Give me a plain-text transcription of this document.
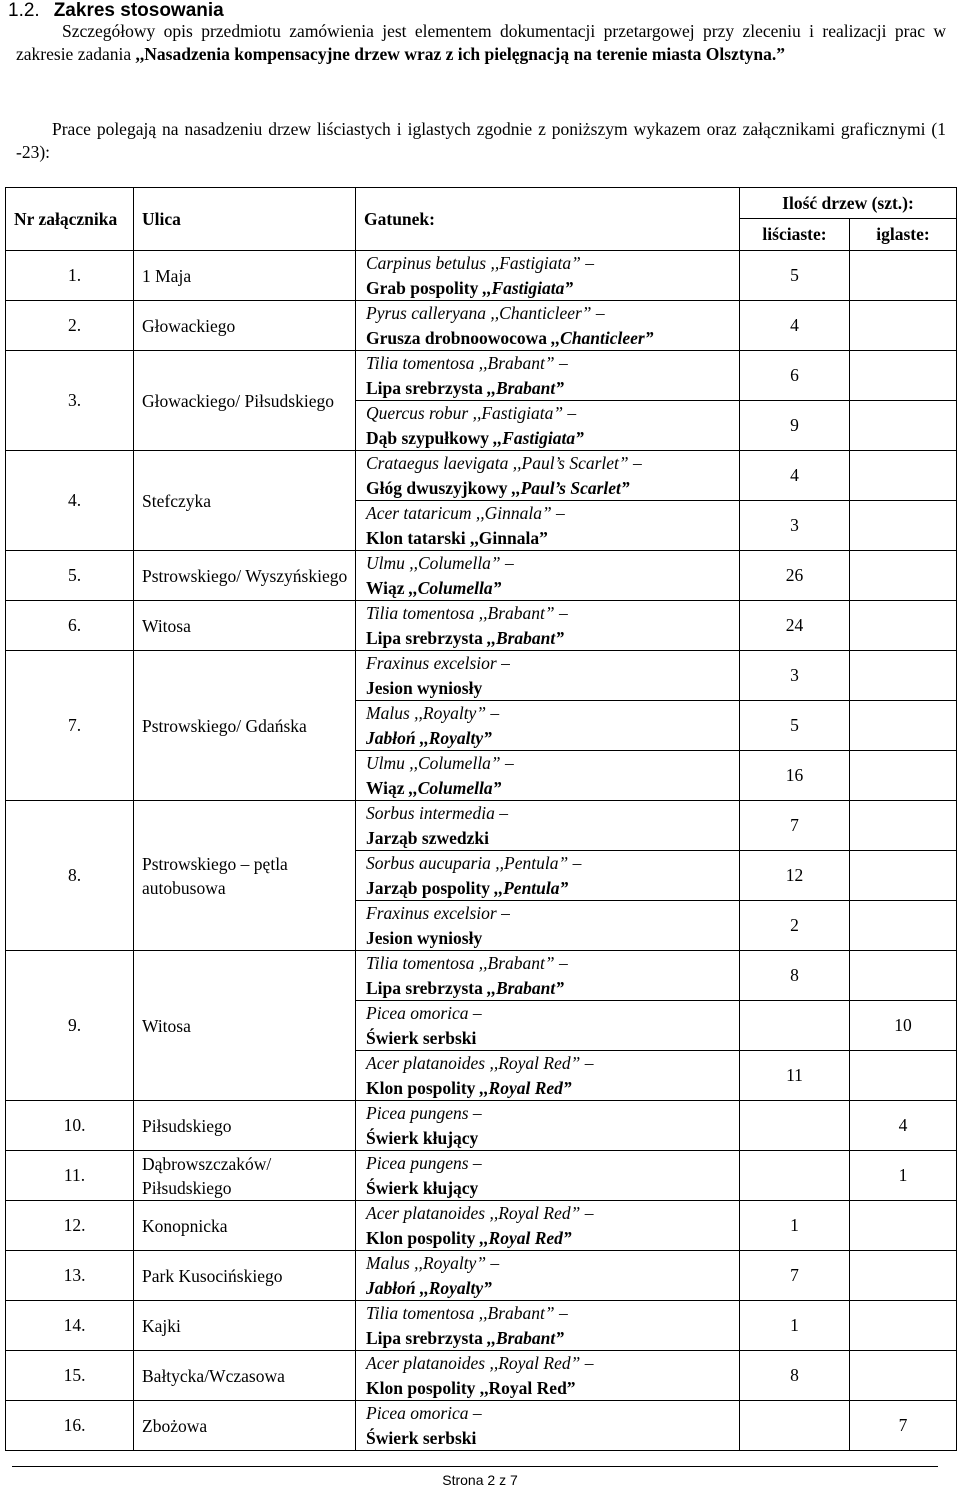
1.2. Zakres stosowania
Szczegółowy opis przedmiotu zamówienia jest elementem dokumentacji przetargowej przy zleceniu i realizacji prac w zakresie zadania ,,Nasadzenia kompensacyjne drzew wraz z ich pielęgnacją na terenie miasta Olsztyna.”
Prace polegają na nasadzeniu drzew liściastych i iglastych zgodnie z poniższym wykazem oraz załącznikami graficznymi (1 -23):
Nr załącznika	Ulica	Gatunek:	Ilość drzew (szt.):	
			liściaste:	iglaste:
1.	1 Maja	Carpinus betulus ,,Fastigiata” –
Grab pospolity ,,Fastigiata”	5	
2.	Głowackiego	Pyrus calleryana ,,Chanticleer” –
Grusza drobnoowocowa ,,Chanticleer”	4	
3.	Głowackiego/ Piłsudskiego	Tilia tomentosa ,,Brabant” –
Lipa srebrzysta ,,Brabant”	6	

		Quercus robur ,,Fastigiata” –
Dąb szypułkowy ,,Fastigiata”	9	
4.	Stefczyka	Crataegus laevigata ,,Paul’s Scarlet” –
Głóg dwuszyjkowy ,,Paul’s Scarlet”	4	

		Acer tataricum ,,Ginnala” –
Klon tatarski ,,Ginnala”	3	
5.	Pstrowskiego/ Wyszyńskiego	Ulmu ,,Columella” –
Wiąz ,,Columella”	26	
6.	Witosa	Tilia tomentosa ,,Brabant” –
Lipa srebrzysta ,,Brabant”	24	
7.	Pstrowskiego/ Gdańska	Fraxinus excelsior –
Jesion wyniosły	3	

		Malus ,,Royalty” –
Jabłoń ,,Royalty”	5	

		Ulmu ,,Columella” –
Wiąz ,,Columella”	16	
8.	Pstrowskiego – pętla autobusowa	Sorbus intermedia –
Jarząb szwedzki	7	

		Sorbus aucuparia ,,Pentula” –
Jarząb pospolity ,,Pentula”	12	

		Fraxinus excelsior –
Jesion wyniosły	2	
9.	Witosa	Tilia tomentosa ,,Brabant” –
Lipa srebrzysta ,,Brabant”	8	

		Picea omorica –
Świerk serbski		10

		Acer platanoides ,,Royal Red” –
Klon pospolity ,,Royal Red”	11	
10.	Piłsudskiego	Picea pungens –
Świerk kłujący		4
11.	Dąbrowszczaków/ Piłsudskiego	Picea pungens –
Świerk kłujący		1
12.	Konopnicka	Acer platanoides ,,Royal Red” –
Klon pospolity ,,Royal Red”	1	
13.	Park Kusocińskiego	Malus ,,Royalty” –
Jabłoń ,,Royalty”	7	
14.	Kajki	Tilia tomentosa ,,Brabant” –
Lipa srebrzysta ,,Brabant”	1	
15.	Bałtycka/Wczasowa	Acer platanoides ,,Royal Red” –
Klon pospolity ,,Royal Red”	8	
16.	Zbożowa	Picea omorica –
Świerk serbski		7
Strona 2 z 7
